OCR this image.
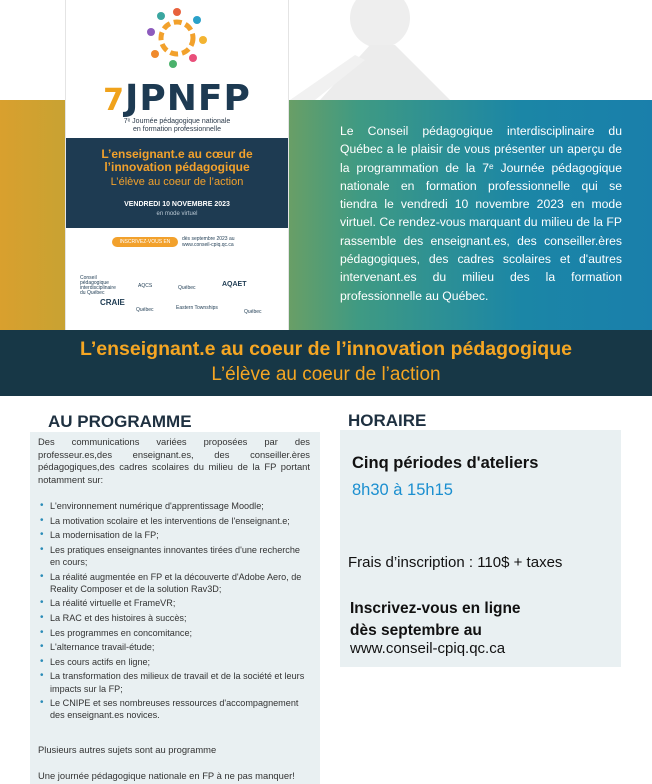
7JPNFP
7ᵉ Journée pédagogique nationale
en formation professionnelle
L’enseignant.e au cœur de
l’innovation pédagogique
L’élève au coeur de l’action
VENDREDI 10 NOVEMBRE 2023
en mode virtuel
INSCRIVEZ-VOUS EN LIGNE
dès septembre 2023 au
www.conseil-cpiq.qc.ca
Conseil pédagogique interdisciplinaire du Québec
AQCS	Québec	AQAET
CRAIE
Québec	Eastern Townships
Québec
Le Conseil pédagogique interdisciplinaire du Québec a le plaisir de vous présenter un aperçu de la programmation de la 7ᵉ Journée pédagogique nationale en formation professionnelle qui se tiendra le vendredi 10 novembre 2023 en mode virtuel. Ce rendez-vous marquant du milieu de la FP rassemble des enseignant.es, des conseiller.ères pédagogiques, des cadres scolaires et d'autres intervenant.es du milieu des la formation professionnelle au Québec.
L’enseignant.e au coeur de l’innovation pédagogique
L’élève au coeur de l’action
AU PROGRAMME
Des communications variées proposées par des professeur.es,des enseignant.es, des conseiller.ères pédagogiques,des cadres scolaires du milieu de la FP portant notamment sur:
• L'environnement numérique d'apprentissage Moodle;
• La motivation scolaire et les interventions de l'enseignant.e;
• La modernisation de la FP;
• Les pratiques enseignantes innovantes tirées d'une recherche en cours;
• La réalité augmentée en FP et la découverte d'Adobe Aero, de Reality Composer et de la solution Rav3D;
• La réalité virtuelle et FrameVR;
• La RAC et des histoires à succès;
• Les programmes en concomitance;
• L'alternance travail-étude;
• Les cours actifs en ligne;
• La transformation des milieux de travail et de la société et leurs impacts sur la FP;
• Le CNIPE et ses nombreuses ressources d'accompagnement des enseignant.es novices.
Plusieurs autres sujets sont au programme
Une journée pédagogique nationale en FP à ne pas manquer!
HORAIRE
Cinq périodes d'ateliers
8h30 à 15h15
Frais d’inscription : 110$ + taxes
Inscrivez-vous en ligne
dès septembre au
www.conseil-cpiq.qc.ca
